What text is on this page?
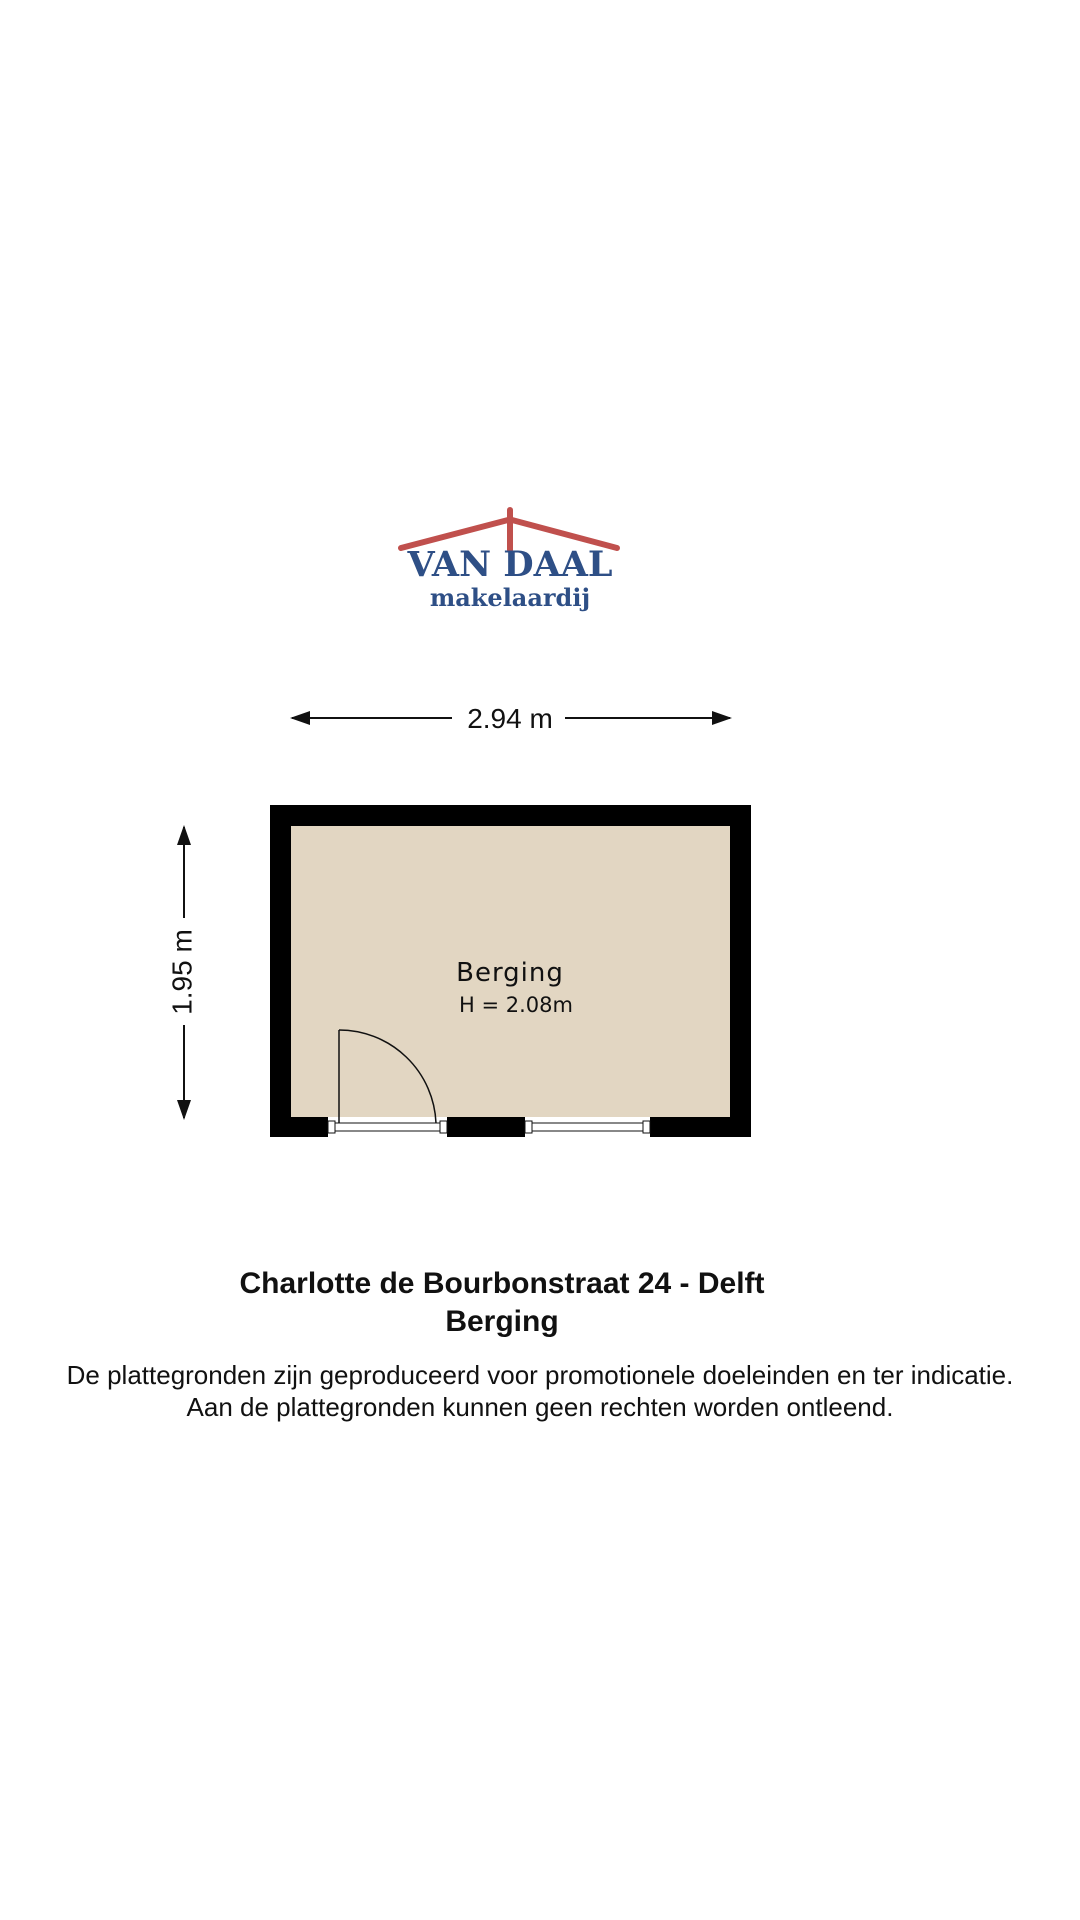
VAN DAAL
makelaardij
2.94 m
1.95 m	Berging
H = 2.08m
Charlotte de Bourbonstraat 24 - Delft
Berging
De plattegronden zijn geproduceerd voor promotionele doeleinden en ter indicatie.
Aan de plattegronden kunnen geen rechten worden ontleend.
